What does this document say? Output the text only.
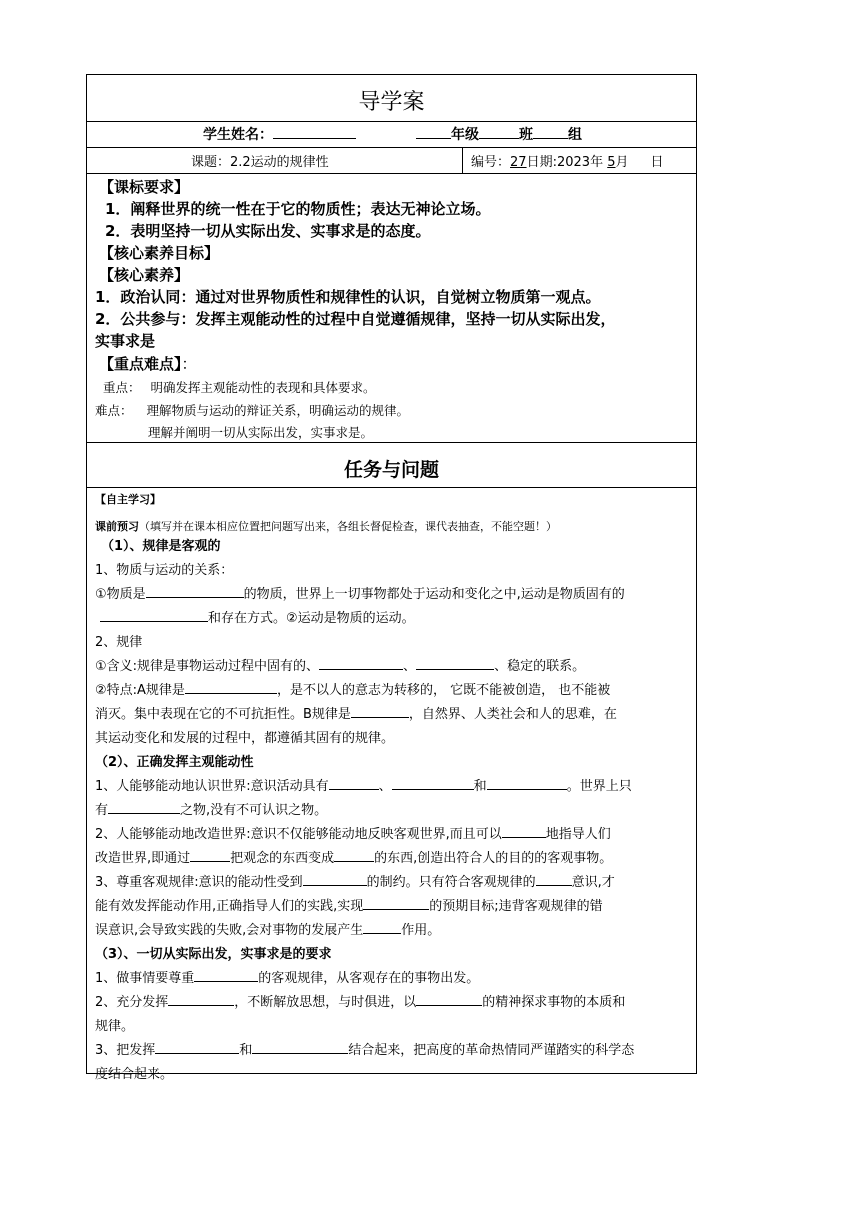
导学案
学生姓名：	年级	班	组
课题：2.2运动的规律性	编号：27日期:2023年 5月 日
【课标要求】
1．阐释世界的统一性在于它的物质性；表达无神论立场。
2．表明坚持一切从实际出发、实事求是的态度。
【核心素养目标】
【核心素养】
1．政治认同：通过对世界物质性和规律性的认识，自觉树立物质第一观点。
2．公共参与：发挥主观能动性的过程中自觉遵循规律，坚持一切从实际出发，
实事求是
【重点难点】：
重点： 明确发挥主观能动性的表现和具体要求。
难点： 理解物质与运动的辩证关系，明确运动的规律。
理解并阐明一切从实际出发，实事求是。
任务与问题
【自主学习】
课前预习（填写并在课本相应位置把问题写出来，各组长督促检查，课代表抽查，不能空题！）

（1）、规律是客观的

1、物质与运动的关系：

①物质是	的物质，世界上一切事物都处于运动和变化之中,运动是物质固有的

和存在方式。②运动是物质的运动。

2、规律

①含义:规律是事物运动过程中固有的、	、	、稳定的联系。

②特点:A规律是	，是不以人的意志为转移的， 它既不能被创造， 也不能被

消灭。集中表现在它的不可抗拒性。B规律是	，自然界、人类社会和人的思难，在

其运动变化和发展的过程中，都遵循其固有的规律。

（2）、正确发挥主观能动性

1、人能够能动地认识世界:意识活动具有	、	和	。世界上只

有	之物,没有不可认识之物。

2、人能够能动地改造世界:意识不仅能够能动地反映客观世界,而且可以	地指导人们

改造世界,即通过	把观念的东西变成	的东西,创造出符合人的目的的客观事物。

3、尊重客观规律:意识的能动性受到	的制约。只有符合客观规律的	意识,才

能有效发挥能动作用,正确指导人们的实践,实现	的预期目标;违背客观规律的错

误意识,会导致实践的失败,会对事物的发展产生	作用。

（3）、一切从实际出发，实事求是的要求

1、做事情要尊重	的客观规律，从客观存在的事物出发。

2、充分发挥	，不断解放思想，与时俱进，以	的精神探求事物的本质和

规律。

3、把发挥	和	结合起来，把高度的革命热情同严谨踏实的科学态

度结合起来。
